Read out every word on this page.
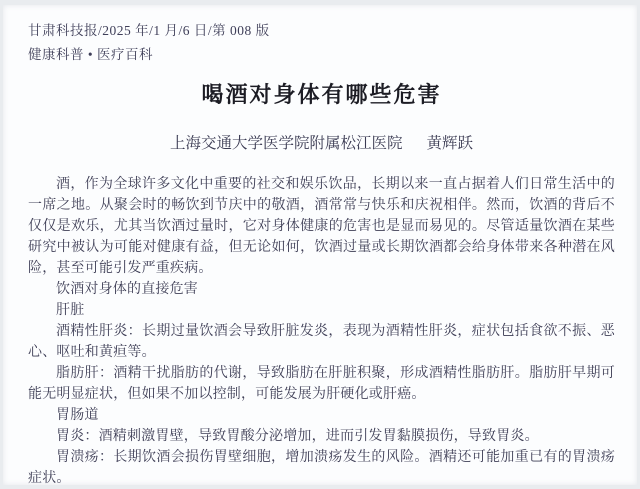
甘肃科技报/2025 年/1 月/6 日/第 008 版
健康科普 • 医疗百科
喝酒对身体有哪些危害
上海交通大学医学院附属松江医院 黄辉跃

酒，作为全球许多文化中重要的社交和娱乐饮品，长期以来一直占据着人们日常生活中的一席之地。从聚会时的畅饮到节庆中的敬酒，酒常常与快乐和庆祝相伴。然而，饮酒的背后不仅仅是欢乐，尤其当饮酒过量时，它对身体健康的危害也是显而易见的。尽管适量饮酒在某些研究中被认为可能对健康有益，但无论如何，饮酒过量或长期饮酒都会给身体带来各种潜在风险，甚至可能引发严重疾病。

饮酒对身体的直接危害

肝脏

酒精性肝炎：长期过量饮酒会导致肝脏发炎，表现为酒精性肝炎，症状包括食欲不振、恶心、呕吐和黄疸等。

脂肪肝：酒精干扰脂肪的代谢，导致脂肪在肝脏积聚，形成酒精性脂肪肝。脂肪肝早期可能无明显症状，但如果不加以控制，可能发展为肝硬化或肝癌。

胃肠道

胃炎：酒精刺激胃壁，导致胃酸分泌增加，进而引发胃黏膜损伤，导致胃炎。

胃溃疡：长期饮酒会损伤胃壁细胞，增加溃疡发生的风险。酒精还可能加重已有的胃溃疡症状。
